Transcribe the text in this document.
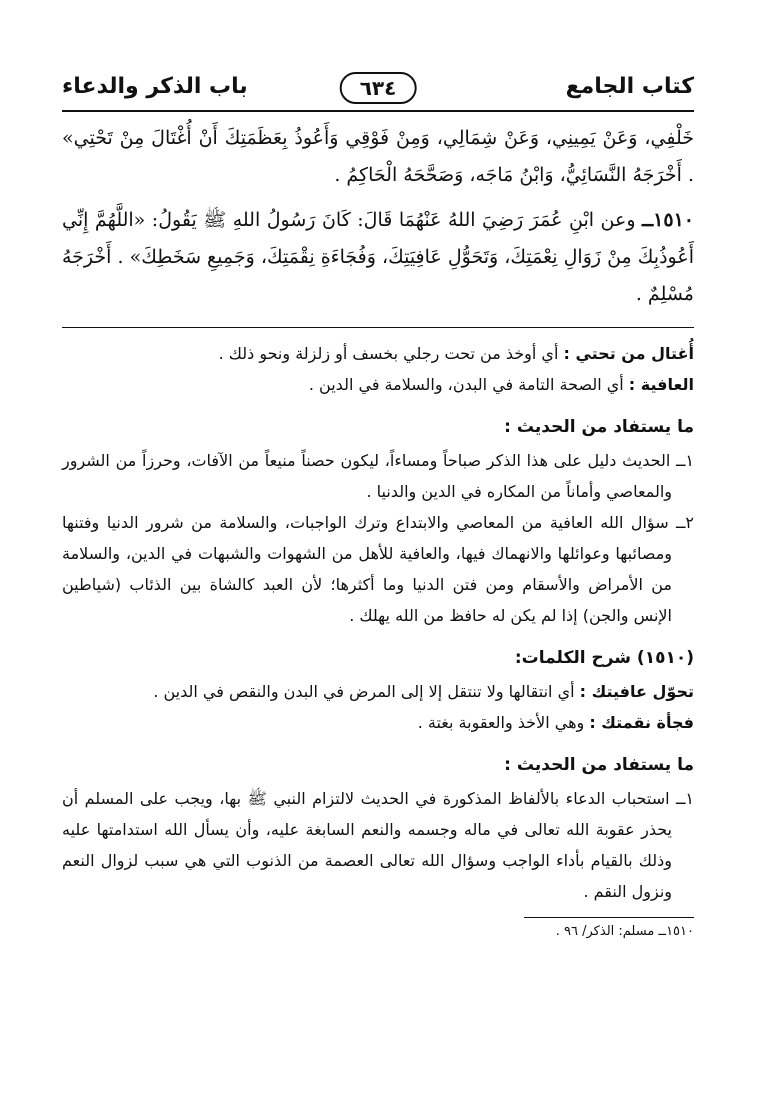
كتاب الجامع
٦٣٤
باب الذكر والدعاء

خَلْفِي، وَعَنْ يَمِينِي، وَعَنْ شِمَالِي، وَمِنْ فَوْقِي وَأَعُوذُ بِعَظَمَتِكَ أَنْ أُغْتَالَ مِنْ تَحْتِي» . أَخْرَجَهُ النَّسَائِيُّ، وَابْنُ مَاجَه، وَصَحَّحَهُ الْحَاكِمُ .

١٥١٠ــ وعن ابْنِ عُمَرَ رَضِيَ اللهُ عَنْهُمَا قَالَ: كَانَ رَسُولُ اللهِ ﷺ يَقُولُ: «اللَّهُمَّ إِنِّي أَعُوذُبِكَ مِنْ زَوَالِ نِعْمَتِكَ، وَتَحَوُّلِ عَافِيَتِكَ، وَفُجَاءَةِ نِقْمَتِكَ، وَجَمِيعِ سَخَطِكَ» . أَخْرَجَهُ مُسْلِمٌ .

أُغتال من تحتي : أي أوخذ من تحت رجلي بخسف أو زلزلة ونحو ذلك .

العافية : أي الصحة التامة في البدن، والسلامة في الدين .

ما يستفاد من الحديث :

١ــ الحديث دليل على هذا الذكر صباحاً ومساءاً، ليكون حصناً منيعاً من الآفات، وحرزاً من الشرور والمعاصي وأماناً من المكاره في الدين والدنيا .

٢ــ سؤال الله العافية من المعاصي والابتداع وترك الواجبات، والسلامة من شرور الدنيا وفتنها ومصائبها وعوائلها والانهماك فيها، والعافية للأهل من الشهوات والشبهات في الدين، والسلامة من الأمراض والأسقام ومن فتن الدنيا وما أكثرها؛ لأن العبد كالشاة بين الذئاب (شياطين الإنس والجن) إذا لم يكن له حافظ من الله يهلك .

(١٥١٠) شرح الكلمات:

تحوّل عافيتك : أي انتقالها ولا تنتقل إلا إلى المرض في البدن والنقص في الدين .

فجأة نقمتك : وهي الأخذ والعقوبة بغتة .

ما يستفاد من الحديث :

١ــ استحباب الدعاء بالألفاظ المذكورة في الحديث لالتزام النبي ﷺ بها، ويجب على المسلم أن يحذر عقوبة الله تعالى في ماله وجسمه والنعم السابغة عليه، وأن يسأل الله استدامتها عليه وذلك بالقيام بأداء الواجب وسؤال الله تعالى العصمة من الذنوب التي هي سبب لزوال النعم ونزول النقم .

١٥١٠ــ مسلم: الذكر/ ٩٦ .
